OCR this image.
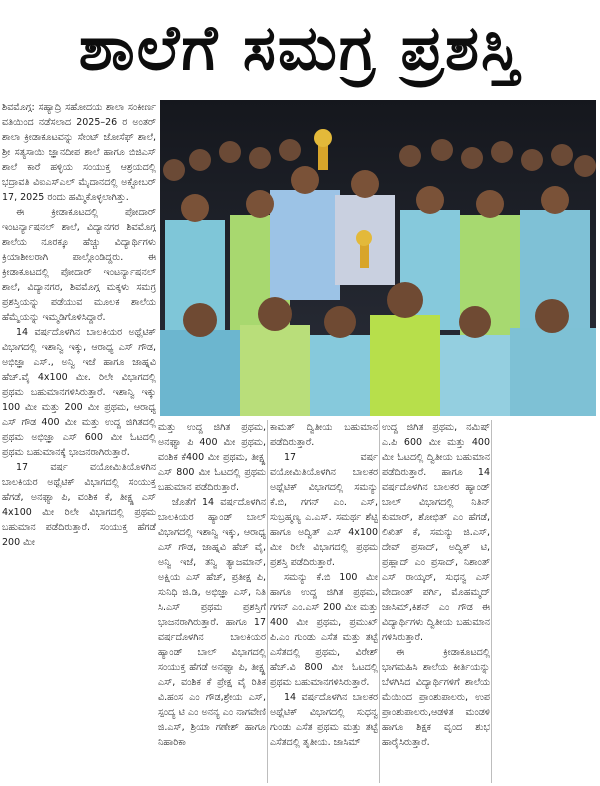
ಶಾಲೆಗೆ ಸಮಗ್ರ ಪ್ರಶಸ್ತಿ

ಶಿವಮೊಗ್ಗ: ಸಹ್ಯಾದ್ರಿ ಸಹೋದಯ ಶಾಲಾ ಸಂಕೀರ್ಣ ವತಿಯಿಂದ ನಡೆಸಲಾದ 2025–26 ರ ಅಂತರ್ ಶಾಲಾ ಕ್ರೀಡಾಕೂಟವನ್ನು ಸೇಂಟ್ ಜೋಸೆಫ್ ಶಾಲೆ, ಶ್ರೀ ಸತ್ಯಸಾಯಿ ಜ್ಞಾನದೀಪ ಶಾಲೆ ಹಾಗೂ ಬಿಜಿಎಸ್ ಶಾಲೆ ಕಾರೆ ಹಳ್ಳಿಯ ಸಂಯುಕ್ತ ಆಶ್ರಯದಲ್ಲಿ ಭದ್ರಾವತಿ ವಿಐಎಸ್‌ಎಲ್ ಮೈದಾನದಲ್ಲಿ ಅಕ್ಟೋಬರ್ 17, 2025 ರಂದು ಹಮ್ಮಿಕೊಳ್ಳಲಾಗಿತ್ತು.

ಈ ಕ್ರೀಡಾಕೂಟದಲ್ಲಿ ಪೋದಾರ್ ಇಂಟರ್ನ್ಯಾಷನಲ್ ಶಾಲೆ, ವಿದ್ಯಾನಗರ ಶಿವಮೊಗ್ಗ ಶಾಲೆಯ ನೂರಕ್ಕೂ ಹೆಚ್ಚು ವಿದ್ಯಾರ್ಥಿಗಳು ಕ್ರಿಯಾಶೀಲರಾಗಿ ಪಾಲ್ಗೊಂಡಿದ್ದರು. ಈ ಕ್ರೀಡಾಕೂಟದಲ್ಲಿ ಪೋದಾರ್ ಇಂಟರ್ನ್ಯಾಷನಲ್ ಶಾಲೆ, ವಿದ್ಯಾನಗರ, ಶಿವಮೊಗ್ಗ ಮಕ್ಕಳು ಸಮಗ್ರ ಪ್ರಶಸ್ತಿಯನ್ನು ಪಡೆಯುವ ಮೂಲಕ ಶಾಲೆಯ ಹೆಮ್ಮೆಯನ್ನು ಇಮ್ಮಡಿಗೊಳಿಸಿದ್ದಾರೆ.

14 ವರ್ಷದೊಳಗಿನ ಬಾಲಕಿಯರ ಅಥ್ಲೆಟಿಕ್ ವಿಭಾಗದಲ್ಲಿ ಇಶಾನ್ವಿ ಇಕ್ಕು, ಆರಾಧ್ಯ ಎಸ್ ಗೌಡ, ಅಭಿಜ್ಞಾ ಎಸ್., ಅನ್ವಿ ಇಜೆ ಹಾಗೂ ಜಾಹ್ನವಿ ಹೆಚ್.ವೈ 4x100 ಮೀ. ರಿಲೇ ವಿಭಾಗದಲ್ಲಿ ಪ್ರಥಮ ಬಹುಮಾನಗಳಿಸಿರುತ್ತಾರೆ. ಇಶಾನ್ವಿ ಇಕ್ಕು 100 ಮೀ ಮತ್ತು 200 ಮೀ ಪ್ರಥಮ, ಆರಾಧ್ಯ ಎಸ್ ಗೌಡ 400 ಮೀ ಮತ್ತು ಉದ್ದ ಜಿಗಿತದಲ್ಲಿ ಪ್ರಥಮ ಅಭಿಜ್ಞಾ ಎಸ್ 600 ಮೀ ಓಟದಲ್ಲಿ ಪ್ರಥಮ ಬಹುಮಾನಕ್ಕೆ ಭಾಜನರಾಗಿರುತ್ತಾರೆ.

17 ವರ್ಷ ವಯೋಮಿತಿಯೊಳಗಿನ ಬಾಲಕಿಯರ ಅಥ್ಲೆಟಿಕ್ ವಿಭಾಗದಲ್ಲಿ ಸಂಯುಕ್ತ ಹೆಗಡೆ, ಅನಘ್ಯಾ ಪಿ, ವಂಶಿಕ ಕೆ, ತೀಕ್ಷ್ಣ ಎಸ್ 4x100 ಮೀ ರಿಲೇ ವಿಭಾಗದಲ್ಲಿ ಪ್ರಥಮ ಬಹುಮಾನ ಪಡೆದಿರುತ್ತಾರೆ. ಸಂಯುಕ್ತ ಹೆಗಡೆ 200 ಮೀ

ಮತ್ತು ಉದ್ದ ಜಿಗಿತ ಪ್ರಥಮ, ಅನಘ್ಯಾ ಪಿ 400 ಮೀ ಪ್ರಥಮ, ವಂಶಿಕ ಕೆ400 ಮೀ ಪ್ರಥಮ, ತೀಕ್ಷ್ಣ ಎಸ್ 800 ಮೀ ಓಟದಲ್ಲಿ ಪ್ರಥಮ ಬಹುಮಾನ ಪಡೆದಿರುತ್ತಾರೆ.

ಜೊತೆಗೆ 14 ವರ್ಷದೊಳಗಿನ ಬಾಲಕಿಯರ ಹ್ಯಾಂಡ್ ಬಾಲ್ ವಿಭಾಗದಲ್ಲಿ ಇಶಾನ್ವಿ ಇಕ್ಕು, ಆರಾಧ್ಯ ಎಸ್ ಗೌಡ, ಜಾಹ್ನವಿ ಹೆಚ್ ವೈ, ಅನ್ವಿ ಇಜೆ, ತನ್ವಿ ತ್ಯಾಜಮಾನ್, ಅಕ್ಷಿಯ ಎಸ್ ಹೆಚ್, ಪ್ರತೀಕ್ಷ ಪಿ, ಸುನಿಧಿ ಜಿ.ಡಿ, ಅಭಿಜ್ಞಾ ಎಸ್, ನಿತಿ ಸಿ.ಎಸ್ ಪ್ರಥಮ ಪ್ರಶಸ್ತಿಗೆ ಭಾಜನರಾಗಿರುತ್ತಾರೆ. ಹಾಗೂ 17 ವರ್ಷದೊಳಗಿನ ಬಾಲಕಿಯರ ಹ್ಯಾಂಡ್ ಬಾಲ್ ವಿಭಾಗದಲ್ಲಿ ಸಂಯುಕ್ತ ಹೆಗಡೆ ಅನಘ್ಯಾ ಪಿ, ತೀಕ್ಷ್ಣ ಎಸ್, ವಂಶಿಕ ಕೆ ಪ್ರೇಕ್ಷ ವೈ ರಿತಿಕ ವಿ.ಹಂಸ ಎಂ ಗೌಡ,ಶ್ರೇಯ ಎಸ್, ಸ್ಪಂದ್ಯ ಟಿ ಎಂ ಅನನ್ಯ ಎಂ ನಾಗವೇಣಿ ಜಿ.ಎಸ್, ಶ್ರಿಯಾ ಗಣೇಶ್ ಹಾಗೂ ನಿಹಾರಿಕಾ

ಕಾಮತ್ ದ್ವಿತೀಯ ಬಹುಮಾನ ಪಡೆದಿರುತ್ತಾರೆ.

17 ವರ್ಷ ವಯೋಮಿತಿಯೊಳಗಿನ ಬಾಲಕರ ಅಥ್ಲೆಟಿಕ್ ವಿಭಾಗದಲ್ಲಿ ಸಮನ್ಯು ಕೆ.ಬಿ, ಗಗನ್ ಎಂ. ಎಸ್, ಸುಬ್ರಹ್ಮಣ್ಯ ಎ.ಎಸ್. ಸಮರ್ಥ ಶೆಟ್ಟಿ ಹಾಗೂ ಅದ್ವಿತ್ ಎಸ್ 4x100 ಮೀ ರಿಲೇ ವಿಭಾಗದಲ್ಲಿ ಪ್ರಥಮ ಪ್ರಶಸ್ತಿ ಪಡೆದಿರುತ್ತಾರೆ.

ಸಮನ್ಯು ಕೆ.ಬಿ 100 ಮೀ ಹಾಗೂ ಉದ್ದ ಜಿಗಿತ ಪ್ರಥಮ, ಗಗನ್ ಎಂ.ಎಸ್ 200 ಮೀ ಮತ್ತು 400 ಮೀ ಪ್ರಥಮ, ಪ್ರಮುಖ್ ಪಿ.ಎಂ ಗುಂಡು ಎಸೆತ ಮತ್ತು ತಟ್ಟೆ ಎಸೆತದಲ್ಲಿ ಪ್ರಥಮ, ವಿರೇಶ್ ಹೆಚ್.ವಿ 800 ಮೀ ಓಟದಲ್ಲಿ ಪ್ರಥಮ ಬಹುಮಾನಗಳಿಸಿರುತ್ತಾರೆ.

14 ವರ್ಷದೊಳಗಿನ ಬಾಲಕರ ಅಥ್ಲೆಟಿಕ್ ವಿಭಾಗದಲ್ಲಿ ಸುಧನ್ವ ಗುಂಡು ಎಸೆತ ಪ್ರಥಮ ಮತ್ತು ತಟ್ಟೆ ಎಸೆತದಲ್ಲಿ ತೃತೀಯ. ಜಾಸಿಮ್

ಉದ್ದ ಜಿಗಿತ ಪ್ರಥಮ, ನಮಿಷ್ ಎ.ಪಿ 600 ಮೀ ಮತ್ತು 400 ಮೀ ಓಟದಲ್ಲಿ ದ್ವಿತೀಯ ಬಹುಮಾನ ಪಡೆದಿರುತ್ತಾರೆ. ಹಾಗೂ 14 ವರ್ಷದೊಳಗಿನ ಬಾಲಕರ ಹ್ಯಾಂಡ್ ಬಾಲ್ ವಿಭಾಗದಲ್ಲಿ ನಿತಿನ್ ಕುಮಾರ್, ಶೋಭಿತ್ ಎಂ ಹೆಗಡೆ, ಲಿಖಿತ್ ಕೆ, ಸಮನ್ಯು ಜಿ.ಎಸ್, ದೇವ್ ಪ್ರಸಾದ್, ಅದ್ವಿಕ್ ಟಿ, ಪ್ರಹ್ಲಾದ್ ಎಂ ಪ್ರಸಾದ್, ನಿಶಾಂತ್ ಎಸ್ ರಾಯ್ಕರ್, ಸುಧನ್ವ ಎಸ್ ವೇದಾಂತ್ ಪರ್ಗಿ, ಮೊಹಮ್ಮದ್ ಜಾಸಿಮ್,ಕಿಶನ್ ಎಂ ಗೌಡ ಈ ವಿದ್ಯಾರ್ಥಿಗಳು ದ್ವಿತೀಯ ಬಹುಮಾನ ಗಳಿಸಿರುತ್ತಾರೆ.

ಈ ಕ್ರೀಡಾಕೂಟದಲ್ಲಿ ಭಾಗಮಹಿಸಿ ಶಾಲೆಯ ಕೀರ್ತಿಯನ್ನು ಬೆಳಗಿಸಿದ ವಿದ್ಯಾರ್ಥಿಗಳಿಗೆ ಶಾಲೆಯ ಮೆಯಿಂದ ಪ್ರಾಂಶುಪಾಲರು, ಉಪ ಪ್ರಾಂಶುಪಾಲರು,ಆಡಳಿತ ಮಂಡಳಿ ಹಾಗೂ ಶಿಕ್ಷಕ ವೃಂದ ಶುಭ ಹಾರೈಸಿರುತ್ತಾರೆ.
